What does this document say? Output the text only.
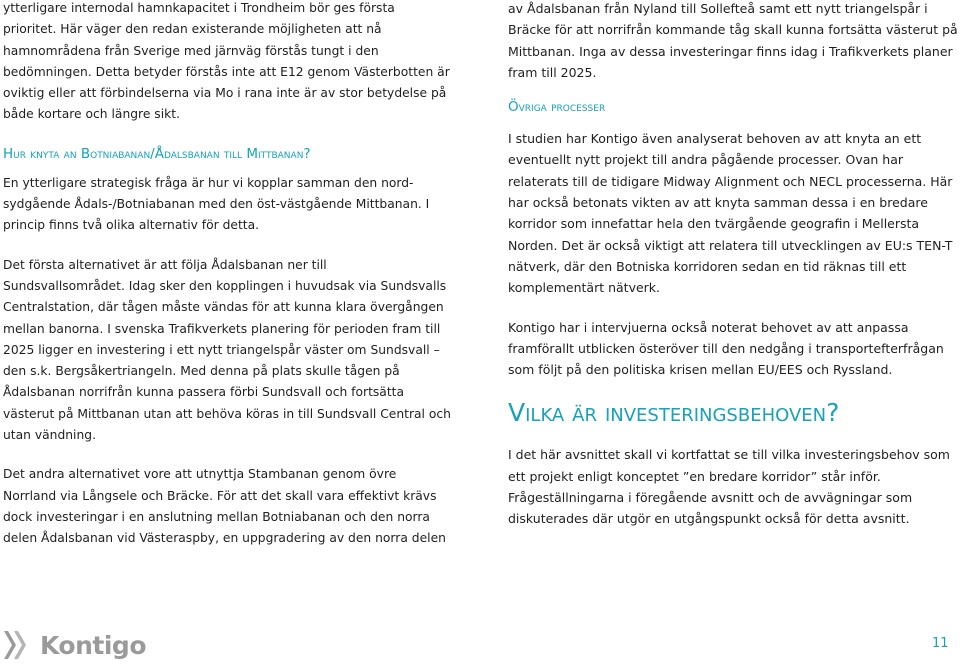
ytterligare internodal hamnkapacitet i Trondheim bör ges första prioritet. Här väger den redan existerande möjligheten att nå hamnområdena från Sverige med järnväg förstås tungt i den bedömningen. Detta betyder förstås inte att E12 genom Västerbotten är oviktig eller att förbindelserna via Mo i rana inte är av stor betydelse på både kortare och längre sikt.

Hur knyta an Botniabanan/Ådalsbanan till Mittbanan?

En ytterligare strategisk fråga är hur vi kopplar samman den nord-sydgående Ådals-/Botniabanan med den öst-västgående Mittbanan. I princip finns två olika alternativ för detta.

Det första alternativet är att följa Ådalsbanan ner till Sundsvallsområdet. Idag sker den kopplingen i huvudsak via Sundsvalls Centralstation, där tågen måste vändas för att kunna klara övergången mellan banorna. I svenska Trafikverkets planering för perioden fram till 2025 ligger en investering i ett nytt triangelspår väster om Sundsvall – den s.k. Bergsåkertriangeln. Med denna på plats skulle tågen på Ådalsbanan norrifrån kunna passera förbi Sundsvall och fortsätta västerut på Mittbanan utan att behöva köras in till Sundsvall Central och utan vändning.

Det andra alternativet vore att utnyttja Stambanan genom övre Norrland via Långsele och Bräcke. För att det skall vara effektivt krävs dock investeringar i en anslutning mellan Botniabanan och den norra delen Ådalsbanan vid Västeraspby, en uppgradering av den norra delen

av Ådalsbanan från Nyland till Sollefteå samt ett nytt triangelspår i Bräcke för att norrifrån kommande tåg skall kunna fortsätta västerut på Mittbanan. Inga av dessa investeringar finns idag i Trafikverkets planer fram till 2025.

Övriga processer

I studien har Kontigo även analyserat behoven av att knyta an ett eventuellt nytt projekt till andra pågående processer. Ovan har relaterats till de tidigare Midway Alignment och NECL processerna. Här har också betonats vikten av att knyta samman dessa i en bredare korridor som innefattar hela den tvärgående geografin i Mellersta Norden. Det är också viktigt att relatera till utvecklingen av EU:s TEN-T nätverk, där den Botniska korridoren sedan en tid räknas till ett komplementärt nätverk.

Kontigo har i intervjuerna också noterat behovet av att anpassa framförallt utblicken österöver till den nedgång i transportefterfrågan som följt på den politiska krisen mellan EU/EES och Ryssland.

Vilka är investeringsbehoven?

I det här avsnittet skall vi kortfattat se till vilka investeringsbehov som ett projekt enligt konceptet ”en bredare korridor” står inför. Frågeställningarna i föregående avsnitt och de avvägningar som diskuterades där utgör en utgångspunkt också för detta avsnitt.

Kontigo	11
